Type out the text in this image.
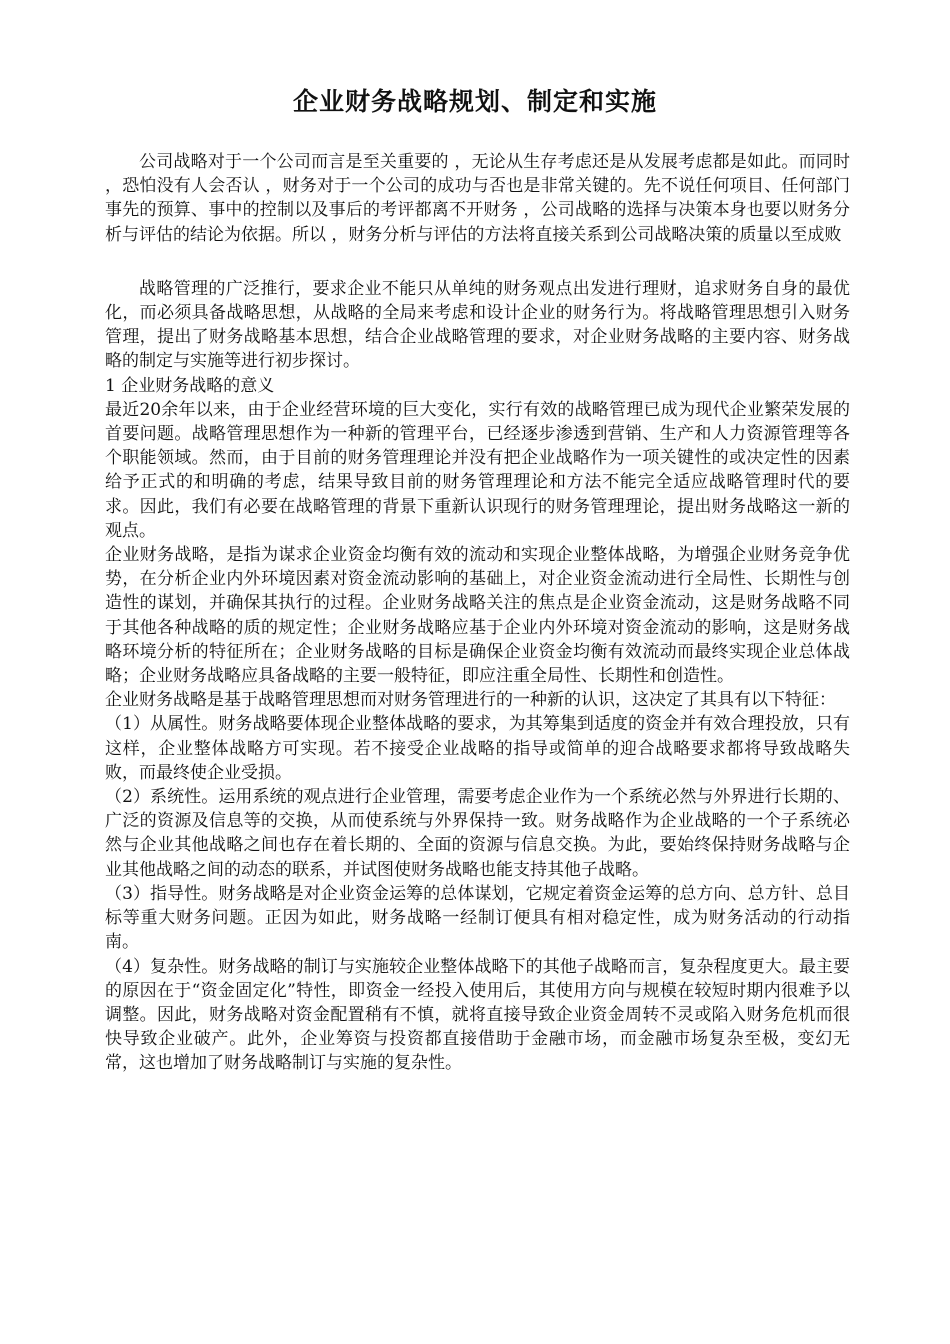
企业财务战略规划、制定和实施

公司战略对于一个公司而言是至关重要的 ，无论从生存考虑还是从发展考虑都是如此。而同时 ，恐怕没有人会否认 ，财务对于一个公司的成功与否也是非常关键的。先不说任何项目、任何部门事先的预算、事中的控制以及事后的考评都离不开财务 ，公司战略的选择与决策本身也要以财务分析与评估的结论为依据。所以 ，财务分析与评估的方法将直接关系到公司战略决策的质量以至成败

战略管理的广泛推行，要求企业不能只从单纯的财务观点出发进行理财，追求财务自身的最优化，而必须具备战略思想，从战略的全局来考虑和设计企业的财务行为。将战略管理思想引入财务管理，提出了财务战略基本思想，结合企业战略管理的要求，对企业财务战略的主要内容、财务战略的制定与实施等进行初步探讨。

1 企业财务战略的意义

最近20余年以来，由于企业经营环境的巨大变化，实行有效的战略管理已成为现代企业繁荣发展的首要问题。战略管理思想作为一种新的管理平台，已经逐步渗透到营销、生产和人力资源管理等各个职能领域。然而，由于目前的财务管理理论并没有把企业战略作为一项关键性的或决定性的因素给予正式的和明确的考虑，结果导致目前的财务管理理论和方法不能完全适应战略管理时代的要求。因此，我们有必要在战略管理的背景下重新认识现行的财务管理理论，提出财务战略这一新的观点。

企业财务战略，是指为谋求企业资金均衡有效的流动和实现企业整体战略，为增强企业财务竞争优势，在分析企业内外环境因素对资金流动影响的基础上，对企业资金流动进行全局性、长期性与创造性的谋划，并确保其执行的过程。企业财务战略关注的焦点是企业资金流动，这是财务战略不同于其他各种战略的质的规定性；企业财务战略应基于企业内外环境对资金流动的影响，这是财务战略环境分析的特征所在；企业财务战略的目标是确保企业资金均衡有效流动而最终实现企业总体战略；企业财务战略应具备战略的主要一般特征，即应注重全局性、长期性和创造性。

企业财务战略是基于战略管理思想而对财务管理进行的一种新的认识，这决定了其具有以下特征：

（1）从属性。财务战略要体现企业整体战略的要求，为其筹集到适度的资金并有效合理投放，只有这样，企业整体战略方可实现。若不接受企业战略的指导或简单的迎合战略要求都将导致战略失败，而最终使企业受损。

（2）系统性。运用系统的观点进行企业管理，需要考虑企业作为一个系统必然与外界进行长期的、广泛的资源及信息等的交换，从而使系统与外界保持一致。财务战略作为企业战略的一个子系统必然与企业其他战略之间也存在着长期的、全面的资源与信息交换。为此，要始终保持财务战略与企业其他战略之间的动态的联系，并试图使财务战略也能支持其他子战略。

（3）指导性。财务战略是对企业资金运筹的总体谋划，它规定着资金运筹的总方向、总方针、总目标等重大财务问题。正因为如此，财务战略一经制订便具有相对稳定性，成为财务活动的行动指南。

（4）复杂性。财务战略的制订与实施较企业整体战略下的其他子战略而言，复杂程度更大。最主要的原因在于“资金固定化”特性，即资金一经投入使用后，其使用方向与规模在较短时期内很难予以调整。因此，财务战略对资金配置稍有不慎，就将直接导致企业资金周转不灵或陷入财务危机而很快导致企业破产。此外，企业筹资与投资都直接借助于金融市场，而金融市场复杂至极，变幻无常，这也增加了财务战略制订与实施的复杂性。
